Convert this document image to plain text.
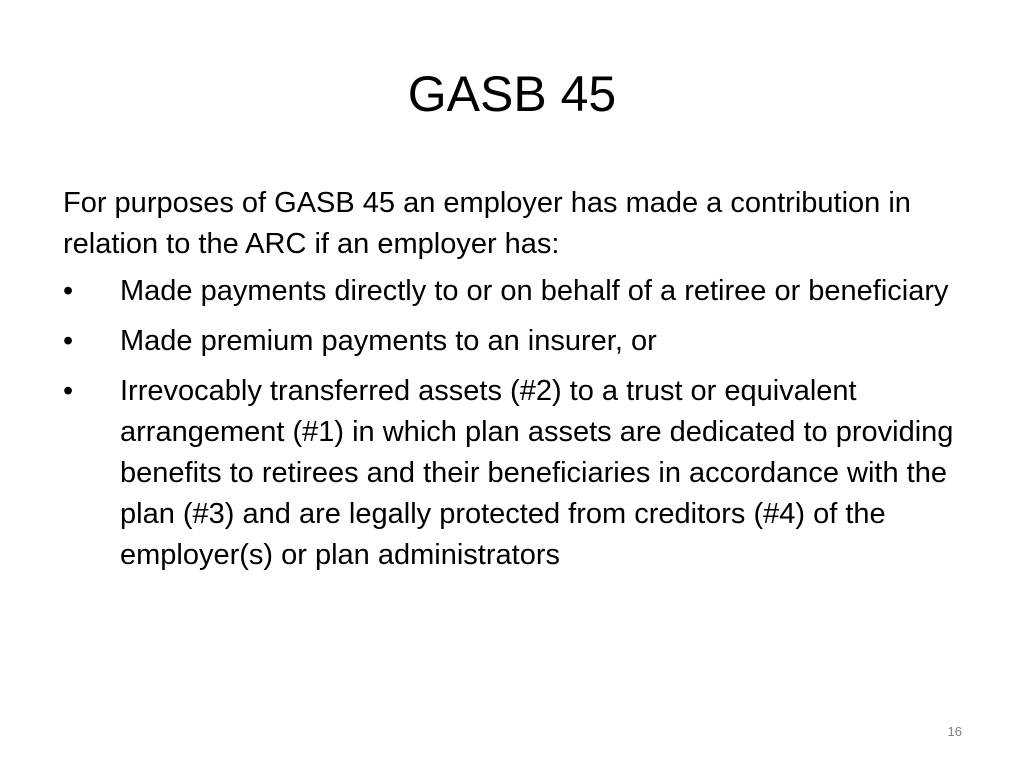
GASB 45

For purposes of GASB 45 an employer has made a contribution in relation to the ARC if an employer has:

•	Made payments directly to or on behalf of a retiree or beneficiary
•	Made premium payments to an insurer, or
•	Irrevocably transferred assets (#2) to a trust or equivalent arrangement (#1) in which plan assets are dedicated to providing benefits to retirees and their beneficiaries in accordance with the plan (#3) and are legally protected from creditors (#4) of the employer(s) or plan administrators
16
